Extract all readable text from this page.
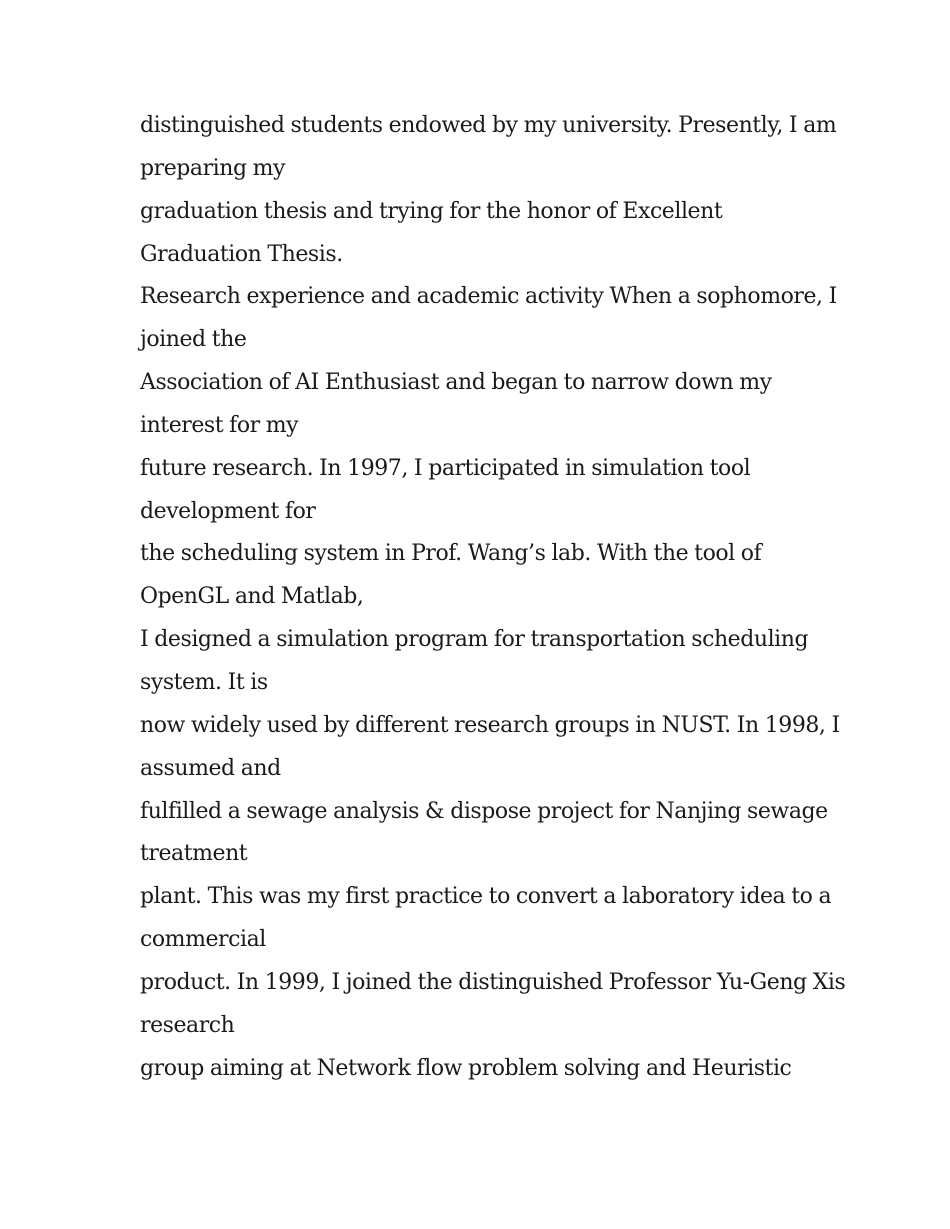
distinguished students endowed by my university. Presently, I am
preparing my
graduation thesis and trying for the honor of Excellent
Graduation Thesis.
Research experience and academic activity When a sophomore, I
joined the
Association of AI Enthusiast and began to narrow down my
interest for my
future research. In 1997, I participated in simulation tool
development for
the scheduling system in Prof. Wang’s lab. With the tool of
OpenGL and Matlab,
I designed a simulation program for transportation scheduling
system. It is
now widely used by different research groups in NUST. In 1998, I
assumed and
fulfilled a sewage analysis & dispose project for Nanjing sewage
treatment
plant. This was my first practice to convert a laboratory idea to a
commercial
product. In 1999, I joined the distinguished Professor Yu-Geng Xis
research
group aiming at Network flow problem solving and Heuristic
